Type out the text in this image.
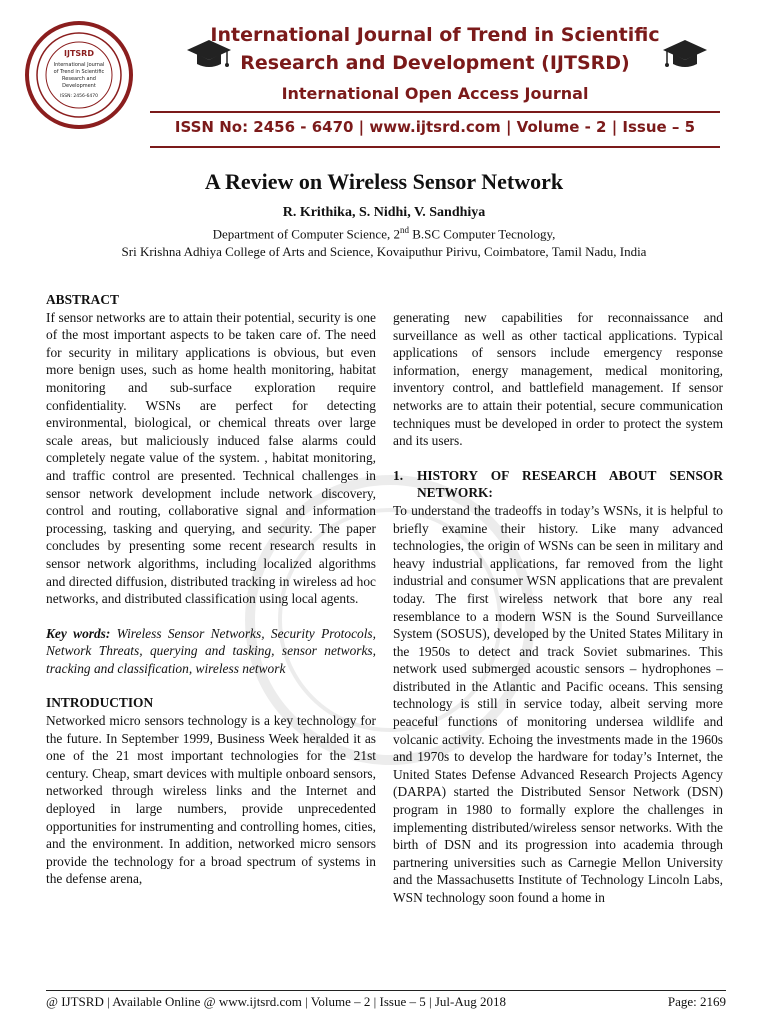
IJTSRD
International Journal
of Trend in Scientific
Research and
Development
ISSN: 2456-6470
International Journal of Trend in Scientific
Research and Development (IJTSRD)
International Open Access Journal
ISSN No: 2456 - 6470 | www.ijtsrd.com | Volume - 2 | Issue – 5
A Review on Wireless Sensor Network
R. Krithika, S. Nidhi, V. Sandhiya
Department of Computer Science, 2nd B.SC Computer Tecnology,
Sri Krishna Adhiya College of Arts and Science, Kovaiputhur Pirivu, Coimbatore, Tamil Nadu, India

ABSTRACT

If sensor networks are to attain their potential, security is one of the most important aspects to be taken care of. The need for security in military applications is obvious, but even more benign uses, such as home health monitoring, habitat monitoring and sub-surface exploration require confidentiality. WSNs are perfect for detecting environmental, biological, or chemical threats over large scale areas, but maliciously induced false alarms could completely negate value of the system. , habitat monitoring, and traffic control are presented. Technical challenges in sensor network development include network discovery, control and routing, collaborative signal and information processing, tasking and querying, and security. The paper concludes by presenting some recent research results in sensor network algorithms, including localized algorithms and directed diffusion, distributed tracking in wireless ad hoc networks, and distributed classification using local agents.

Key words: Wireless Sensor Networks, Security Protocols, Network Threats, querying and tasking, sensor networks, tracking and classification, wireless network

INTRODUCTION

Networked micro sensors technology is a key technology for the future. In September 1999, Business Week heralded it as one of the 21 most important technologies for the 21st century. Cheap, smart devices with multiple onboard sensors, networked through wireless links and the Internet and deployed in large numbers, provide unprecedented opportunities for instrumenting and controlling homes, cities, and the environment. In addition, networked micro sensors provide the technology for a broad spectrum of systems in the defense arena,

generating new capabilities for reconnaissance and surveillance as well as other tactical applications. Typical applications of sensors include emergency response information, energy management, medical monitoring, inventory control, and battlefield management. If sensor networks are to attain their potential, secure communication techniques must be developed in order to protect the system and its users.

1.	HISTORY OF RESEARCH ABOUT SENSOR NETWORK:

To understand the tradeoffs in today’s WSNs, it is helpful to briefly examine their history. Like many advanced technologies, the origin of WSNs can be seen in military and heavy industrial applications, far removed from the light industrial and consumer WSN applications that are prevalent today. The first wireless network that bore any real resemblance to a modern WSN is the Sound Surveillance System (SOSUS), developed by the United States Military in the 1950s to detect and track Soviet submarines. This network used submerged acoustic sensors – hydrophones – distributed in the Atlantic and Pacific oceans. This sensing technology is still in service today, albeit serving more peaceful functions of monitoring undersea wildlife and volcanic activity. Echoing the investments made in the 1960s and 1970s to develop the hardware for today’s Internet, the United States Defense Advanced Research Projects Agency (DARPA) started the Distributed Sensor Network (DSN) program in 1980 to formally explore the challenges in implementing distributed/wireless sensor networks. With the birth of DSN and its progression into academia through partnering universities such as Carnegie Mellon University and the Massachusetts Institute of Technology Lincoln Labs, WSN technology soon found a home in

@ IJTSRD | Available Online @ www.ijtsrd.com | Volume – 2 | Issue – 5 | Jul-Aug 2018	Page: 2169
